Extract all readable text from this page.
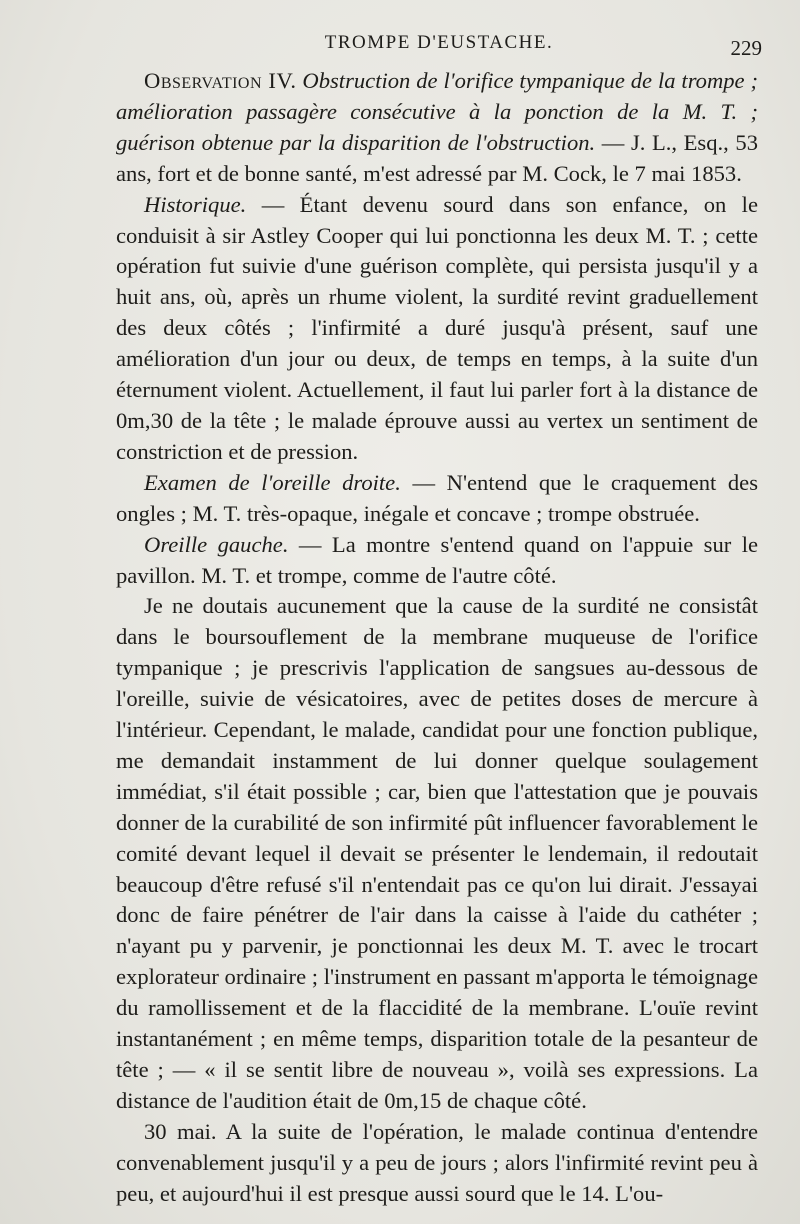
TROMPE D'EUSTACHE.	229

Observation IV. Obstruction de l'orifice tympanique de la trompe ; amélioration passagère consécutive à la ponction de la M. T. ; guérison obtenue par la disparition de l'obstruction. — J. L., Esq., 53 ans, fort et de bonne santé, m'est adressé par M. Cock, le 7 mai 1853.

Historique. — Étant devenu sourd dans son enfance, on le conduisit à sir Astley Cooper qui lui ponctionna les deux M. T. ; cette opération fut suivie d'une guérison complète, qui persista jusqu'il y a huit ans, où, après un rhume violent, la surdité revint graduellement des deux côtés ; l'infirmité a duré jusqu'à présent, sauf une amélioration d'un jour ou deux, de temps en temps, à la suite d'un éternument violent. Actuellement, il faut lui parler fort à la distance de 0m,30 de la tête ; le malade éprouve aussi au vertex un sentiment de constriction et de pression.

Examen de l'oreille droite. — N'entend que le craquement des ongles ; M. T. très-opaque, inégale et concave ; trompe obstruée.

Oreille gauche. — La montre s'entend quand on l'appuie sur le pavillon. M. T. et trompe, comme de l'autre côté.

Je ne doutais aucunement que la cause de la surdité ne consistât dans le boursouflement de la membrane muqueuse de l'orifice tympanique ; je prescrivis l'application de sangsues au-dessous de l'oreille, suivie de vésicatoires, avec de petites doses de mercure à l'intérieur. Cependant, le malade, candidat pour une fonction publique, me demandait instamment de lui donner quelque soulagement immédiat, s'il était possible ; car, bien que l'attestation que je pouvais donner de la curabilité de son infirmité pût influencer favorablement le comité devant lequel il devait se présenter le lendemain, il redoutait beaucoup d'être refusé s'il n'entendait pas ce qu'on lui dirait. J'essayai donc de faire pénétrer de l'air dans la caisse à l'aide du cathéter ; n'ayant pu y parvenir, je ponctionnai les deux M. T. avec le trocart explorateur ordinaire ; l'instrument en passant m'apporta le témoignage du ramollissement et de la flaccidité de la membrane. L'ouïe revint instantanément ; en même temps, disparition totale de la pesanteur de tête ; — « il se sentit libre de nouveau », voilà ses expressions. La distance de l'audition était de 0m,15 de chaque côté.

30 mai. A la suite de l'opération, le malade continua d'entendre convenablement jusqu'il y a peu de jours ; alors l'infirmité revint peu à peu, et aujourd'hui il est presque aussi sourd que le 14. L'ou-
